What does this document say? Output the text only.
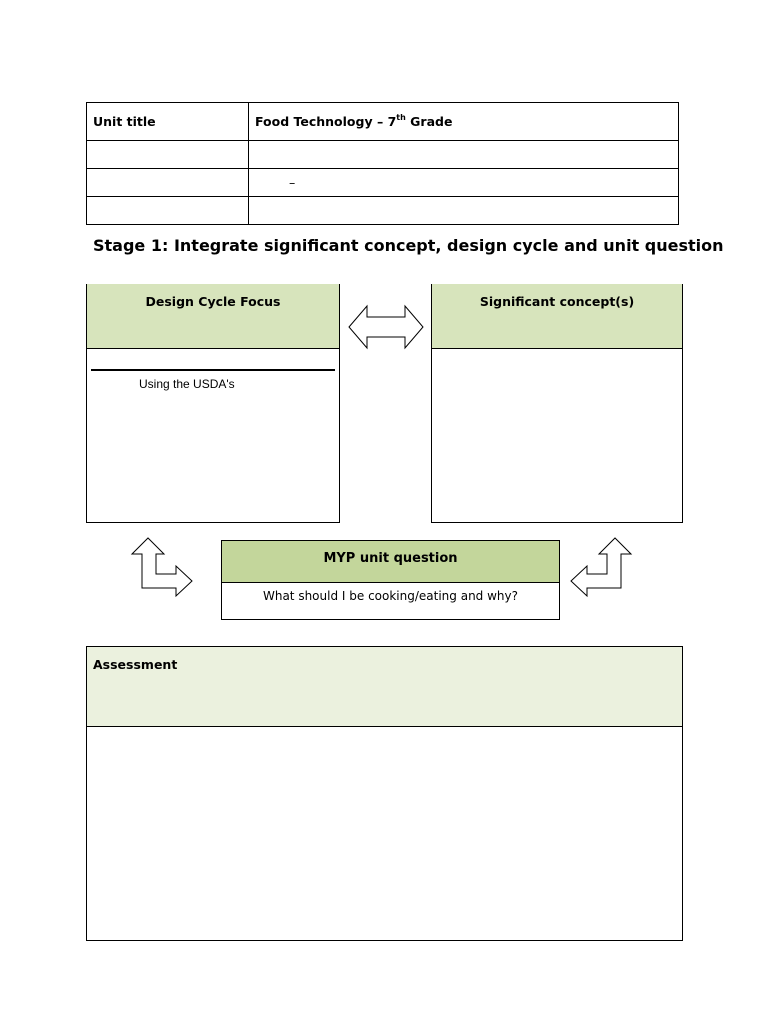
Unit title	Food Technology – 7th Grade

	–

Stage 1: Integrate significant concept, design cycle and unit question
Design Cycle Focus
Using the USDA's
Significant concept(s)
MYP unit question
What should I be cooking/eating and why?
Assessment
